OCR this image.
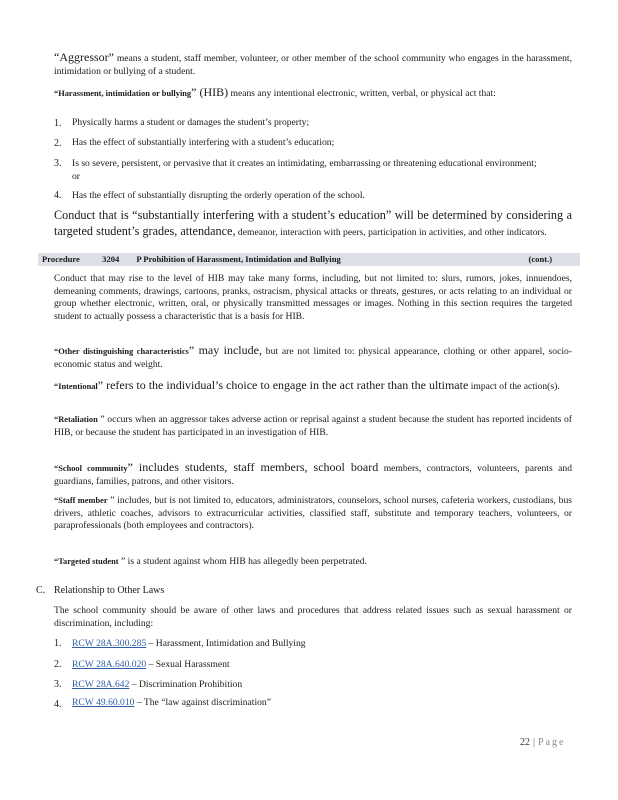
“Aggressor” means a student, staff member, volunteer, or other member of the school community who engages in the harassment, intimidation or bullying of a student.
“Harassment, intimidation or bullying” (HIB) means any intentional electronic, written, verbal, or physical act that:
1.	Physically harms a student or damages the student’s property;
2.	Has the effect of substantially interfering with a student’s education;
3.	Is so severe, persistent, or pervasive that it creates an intimidating, embarrassing or threatening educational environment; or
4.	Has the effect of substantially disrupting the orderly operation of the school.
Conduct that is “substantially interfering with a student’s education” will be determined by considering a targeted student’s grades, attendance, demeanor, interaction with peers, participation in activities, and other indicators.
Procedure	3204 P Prohibition of Harassment, Intimidation and Bullying	(cont.)
Conduct that may rise to the level of HIB may take many forms, including, but not limited to: slurs, rumors, jokes, innuendoes, demeaning comments, drawings, cartoons, pranks, ostracism, physical attacks or threats, gestures, or acts relating to an individual or group whether electronic, written, oral, or physically transmitted messages or images. Nothing in this section requires the targeted student to actually possess a characteristic that is a basis for HIB.
“Other distinguishing characteristics” may include, but are not limited to: physical appearance, clothing or other apparel, socio-economic status and weight.
“Intentional” refers to the individual’s choice to engage in the act rather than the ultimate impact of the action(s).
“Retaliation ” occurs when an aggressor takes adverse action or reprisal against a student because the student has reported incidents of HIB, or because the student has participated in an investigation of HIB.
“School community” includes students, staff members, school board members, contractors, volunteers, parents and guardians, families, patrons, and other visitors.
“Staff member ” includes, but is not limited to, educators, administrators, counselors, school nurses, cafeteria workers, custodians, bus drivers, athletic coaches, advisors to extracurricular activities, classified staff, substitute and temporary teachers, volunteers, or paraprofessionals (both employees and contractors).
“Targeted student ” is a student against whom HIB has allegedly been perpetrated.
C. Relationship to Other Laws
The school community should be aware of other laws and procedures that address related issues such as sexual harassment or discrimination, including:
1.	RCW 28A.300.285 – Harassment, Intimidation and Bullying
2.	RCW 28A.640.020 – Sexual Harassment
3.	RCW 28A.642 – Discrimination Prohibition
4.	RCW 49.60.010 – The “law against discrimination”
22 | Page
